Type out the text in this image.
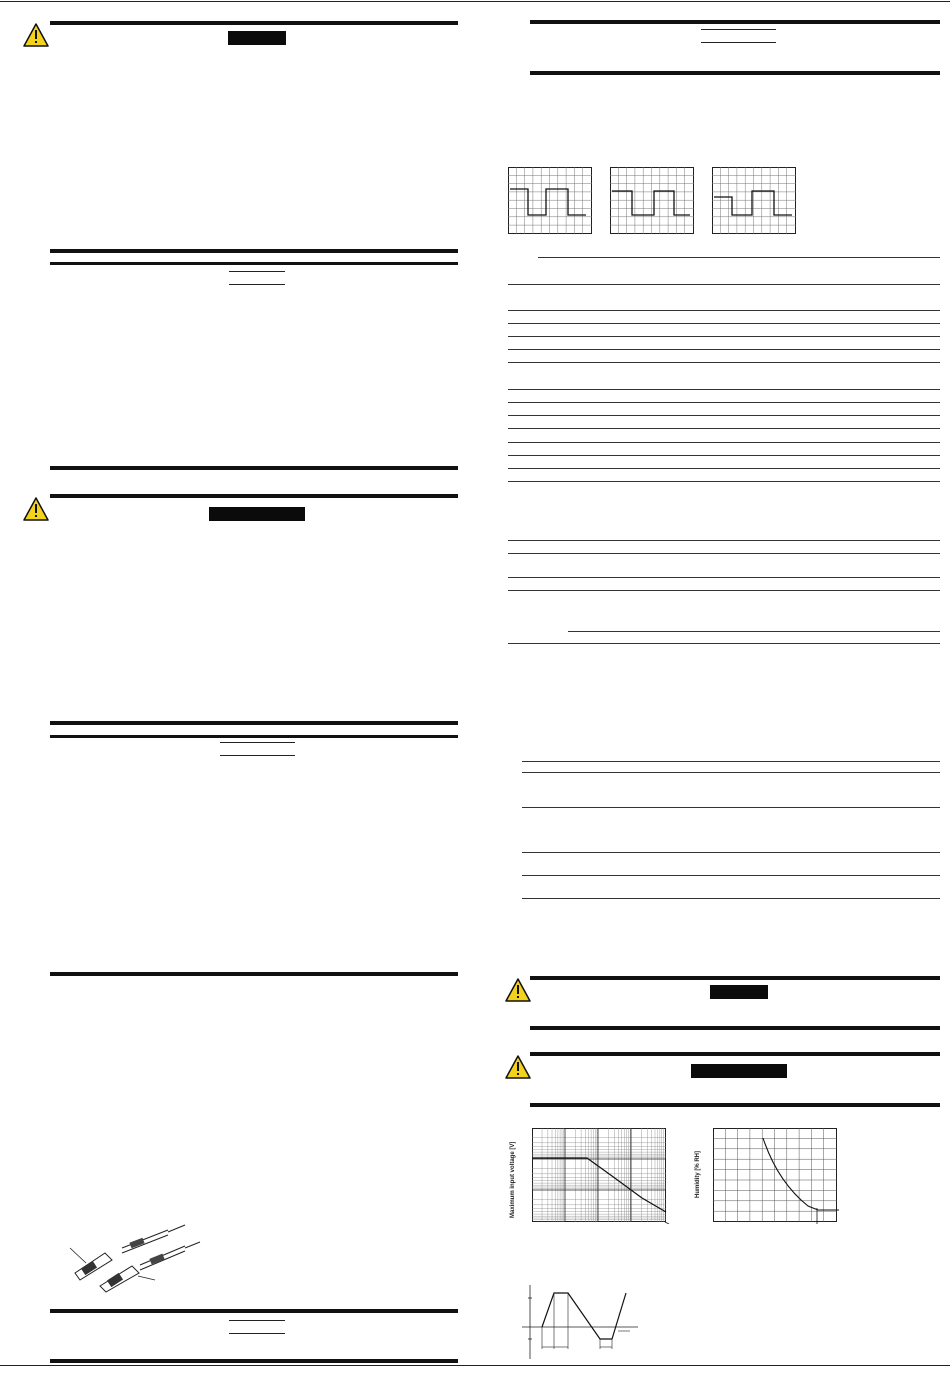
Maximum input voltage [V]	Humidity [% RH]
